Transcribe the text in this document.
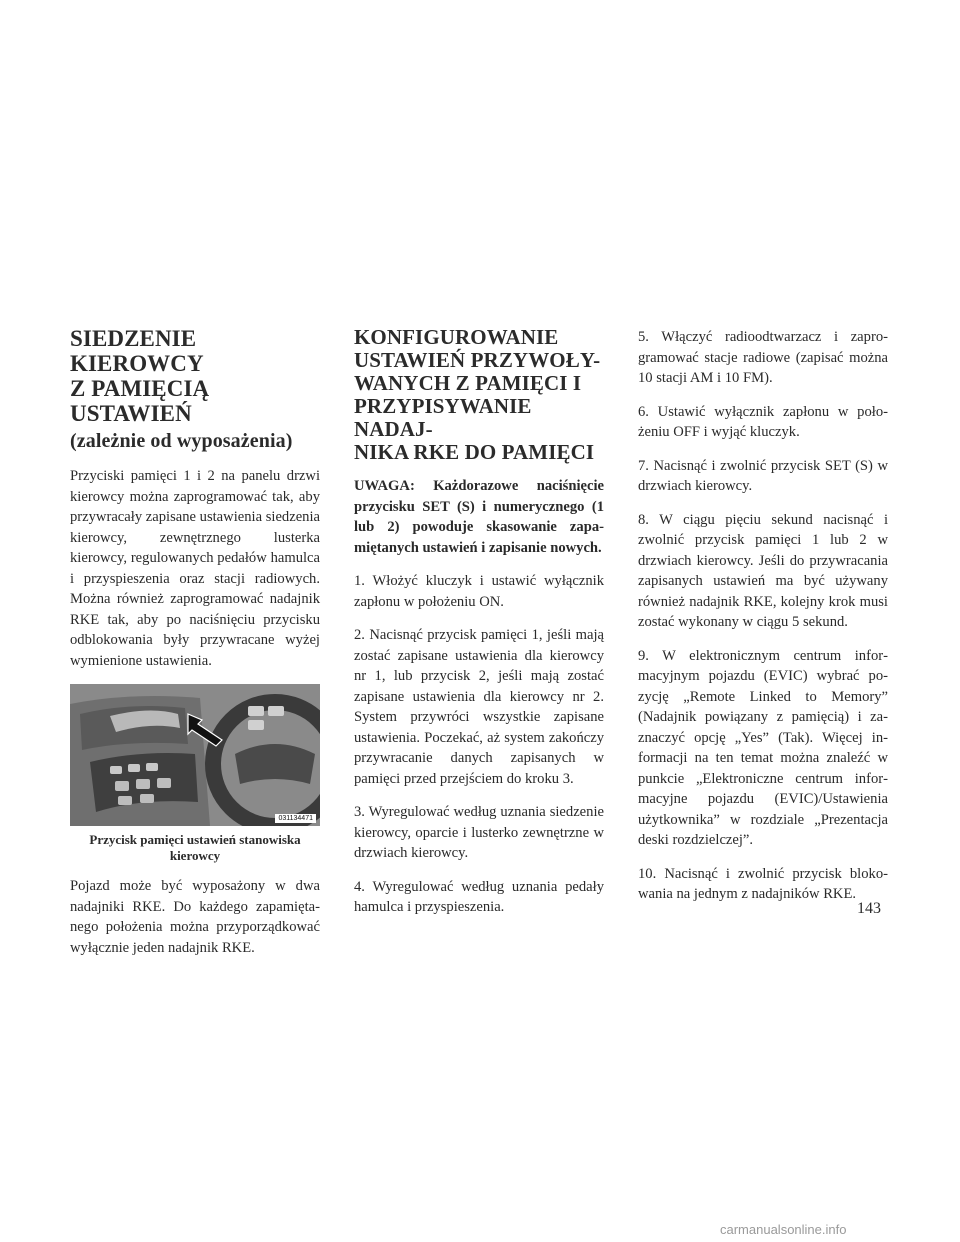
SIEDZENIE KIEROWCY
Z PAMIĘCIĄ USTAWIEŃ
(zależnie od wyposażenia)

Przyciski pamięci 1 i 2 na panelu drzwi kierowcy można zaprogramować tak, aby przywracały zapisane ustawienia siedzenia kierowcy, zewnętrznego lusterka kierowcy, regulowanych pedałów hamulca i przyspieszenia oraz stacji radiowych. Można również zaprogramować nadajnik RKE tak, aby po naciśnięciu przycisku odblokowania były przywracane wyżej wymienione ustawienia.

031134471

Przycisk pamięci ustawień stanowiska kierowcy

Pojazd może być wyposażony w dwa nadajniki RKE. Do każdego zapamiętanego położenia można przyporządkować wyłącznie jeden nadajnik RKE.

KONFIGUROWANIE
USTAWIEŃ PRZYWOŁY-
WANYCH Z PAMIĘCI I
PRZYPISYWANIE NADAJ-
NIKA RKE DO PAMIĘCI

UWAGA: Każdorazowe naciśnięcie przycisku SET (S) i numerycznego (1 lub 2) powoduje skasowanie zapamiętanych ustawień i zapisanie nowych.

1. Włożyć kluczyk i ustawić wyłącznik zapłonu w położeniu ON.

2. Nacisnąć przycisk pamięci 1, jeśli mają zostać zapisane ustawienia dla kierowcy nr 1, lub przycisk 2, jeśli mają zostać zapisane ustawienia dla kierowcy nr 2. System przywróci wszystkie zapisane ustawienia. Poczekać, aż system zakończy przywracanie danych zapisanych w pamięci przed przejściem do kroku 3.

3. Wyregulować według uznania siedzenie kierowcy, oparcie i lusterko zewnętrzne w drzwiach kierowcy.

4. Wyregulować według uznania pedały hamulca i przyspieszenia.

5. Włączyć radioodtwarzacz i zaprogramować stacje radiowe (zapisać można 10 stacji AM i 10 FM).

6. Ustawić wyłącznik zapłonu w położeniu OFF i wyjąć kluczyk.

7. Nacisnąć i zwolnić przycisk SET (S) w drzwiach kierowcy.

8. W ciągu pięciu sekund nacisnąć i zwolnić przycisk pamięci 1 lub 2 w drzwiach kierowcy. Jeśli do przywracania zapisanych ustawień ma być używany również nadajnik RKE, kolejny krok musi zostać wykonany w ciągu 5 sekund.

9. W elektronicznym centrum informacyjnym pojazdu (EVIC) wybrać pozycję „Remote Linked to Memory” (Nadajnik powiązany z pamięcią) i zaznaczyć opcję „Yes” (Tak). Więcej informacji na ten temat można znaleźć w punkcie „Elektroniczne centrum informacyjne pojazdu (EVIC)/Ustawienia użytkownika” w rozdziale „Prezentacja deski rozdzielczej”.

10. Nacisnąć i zwolnić przycisk blokowania na jednym z nadajników RKE.

143
carmanualsonline.info
